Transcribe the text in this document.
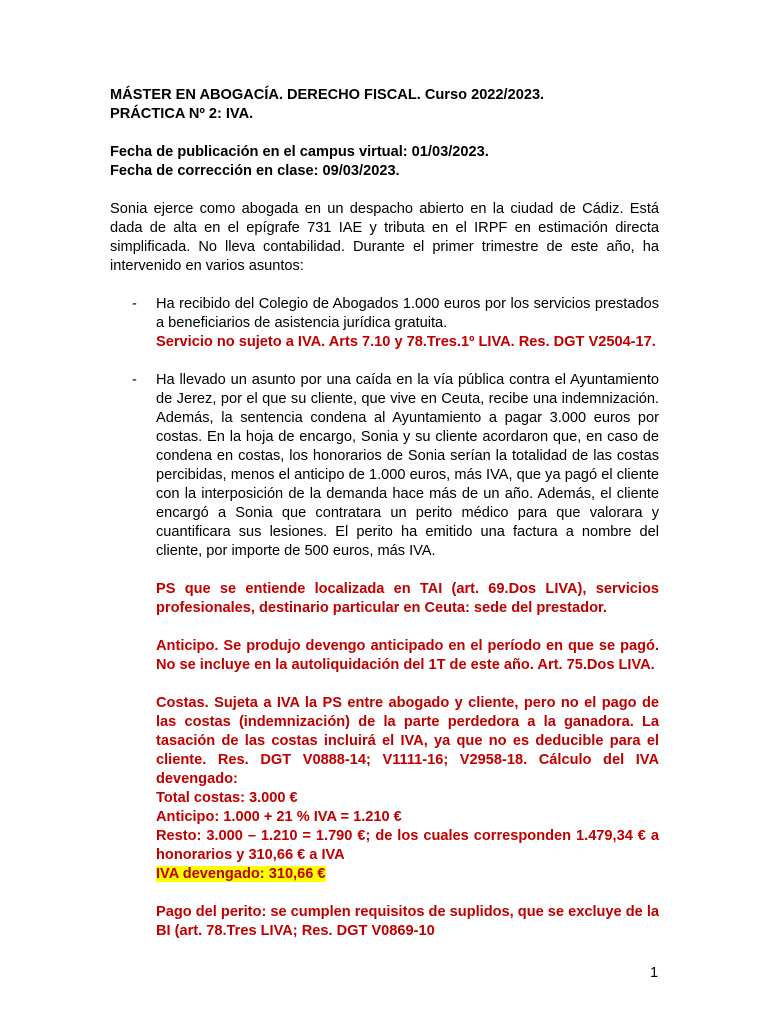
MÁSTER EN ABOGACÍA. DERECHO FISCAL. Curso 2022/2023.

PRÁCTICA Nº 2: IVA.

Fecha de publicación en el campus virtual: 01/03/2023.

Fecha de corrección en clase: 09/03/2023.

Sonia ejerce como abogada en un despacho abierto en la ciudad de Cádiz. Está dada de alta en el epígrafe 731 IAE y tributa en el IRPF en estimación directa simplificada. No lleva contabilidad. Durante el primer trimestre de este año, ha intervenido en varios asuntos:

- Ha recibido del Colegio de Abogados 1.000 euros por los servicios prestados a beneficiarios de asistencia jurídica gratuita.

Servicio no sujeto a IVA. Arts 7.10 y 78.Tres.1º LIVA. Res. DGT V2504-17.

- Ha llevado un asunto por una caída en la vía pública contra el Ayuntamiento de Jerez, por el que su cliente, que vive en Ceuta, recibe una indemnización. Además, la sentencia condena al Ayuntamiento a pagar 3.000 euros por costas. En la hoja de encargo, Sonia y su cliente acordaron que, en caso de condena en costas, los honorarios de Sonia serían la totalidad de las costas percibidas, menos el anticipo de 1.000 euros, más IVA, que ya pagó el cliente con la interposición de la demanda hace más de un año. Además, el cliente encargó a Sonia que contratara un perito médico para que valorara y cuantificara sus lesiones. El perito ha emitido una factura a nombre del cliente, por importe de 500 euros, más IVA.

PS que se entiende localizada en TAI (art. 69.Dos LIVA), servicios profesionales, destinario particular en Ceuta: sede del prestador.

Anticipo. Se produjo devengo anticipado en el período en que se pagó. No se incluye en la autoliquidación del 1T de este año. Art. 75.Dos LIVA.

Costas. Sujeta a IVA la PS entre abogado y cliente, pero no el pago de las costas (indemnización) de la parte perdedora a la ganadora. La tasación de las costas incluirá el IVA, ya que no es deducible para el cliente. Res. DGT V0888-14; V1111-16; V2958-18. Cálculo del IVA devengado:

Total costas: 3.000 €

Anticipo: 1.000 + 21 % IVA = 1.210 €

Resto: 3.000 – 1.210 = 1.790 €; de los cuales corresponden 1.479,34 € a honorarios y 310,66 € a IVA

IVA devengado: 310,66 €

Pago del perito: se cumplen requisitos de suplidos, que se excluye de la BI (art. 78.Tres LIVA; Res. DGT V0869-10

1
